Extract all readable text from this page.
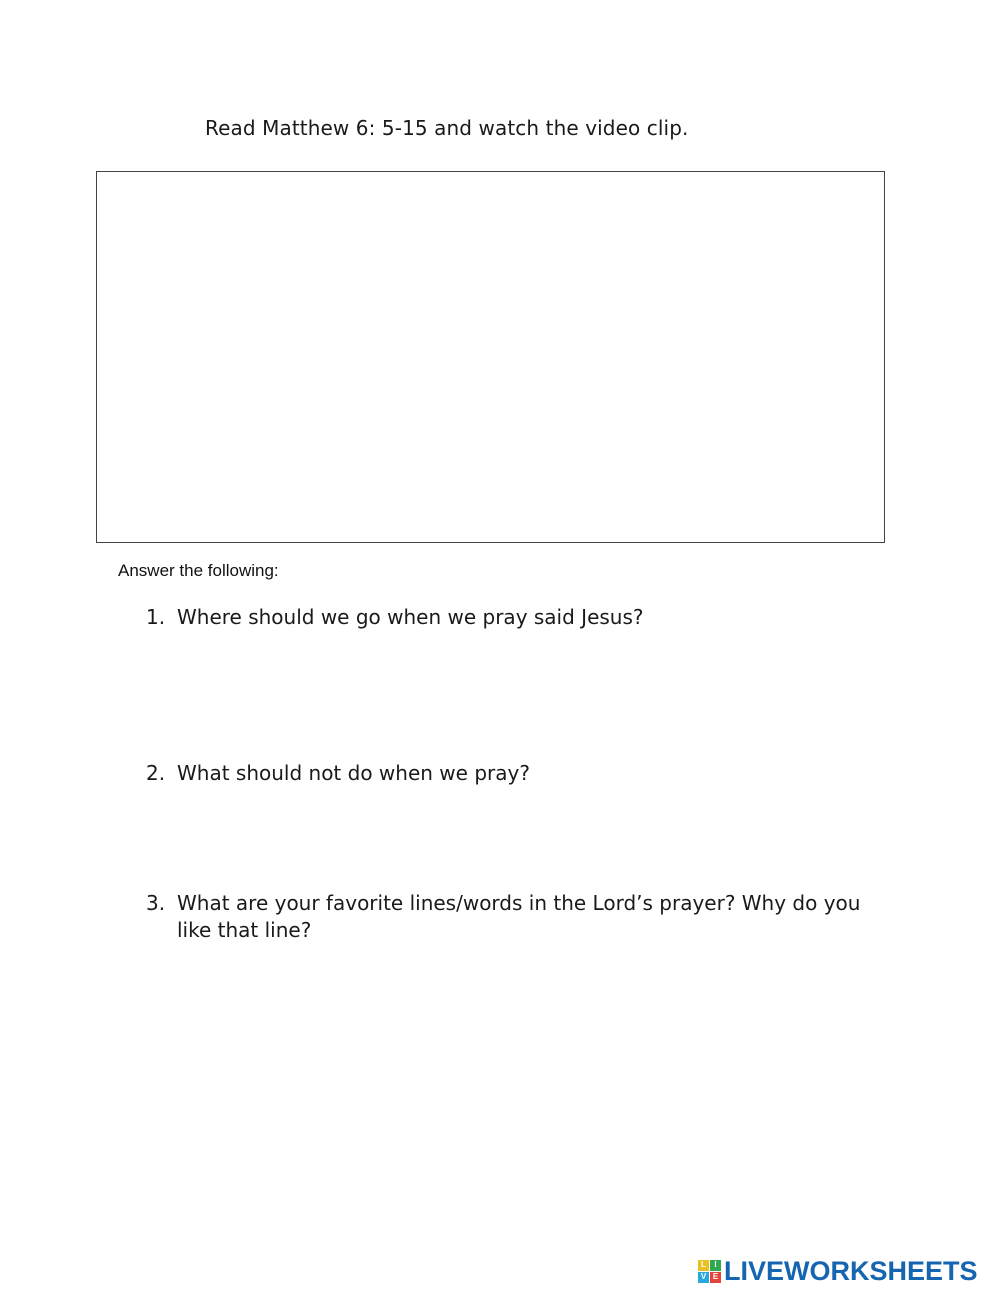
Read Matthew 6: 5-15 and watch the video clip.
Answer the following:
1. Where should we go when we pray said Jesus?
2. What should not do when we pray?
3. What are your favorite lines/words in the Lord’s prayer? Why do you like that line?
L	I
V E LIVEWORKSHEETS
